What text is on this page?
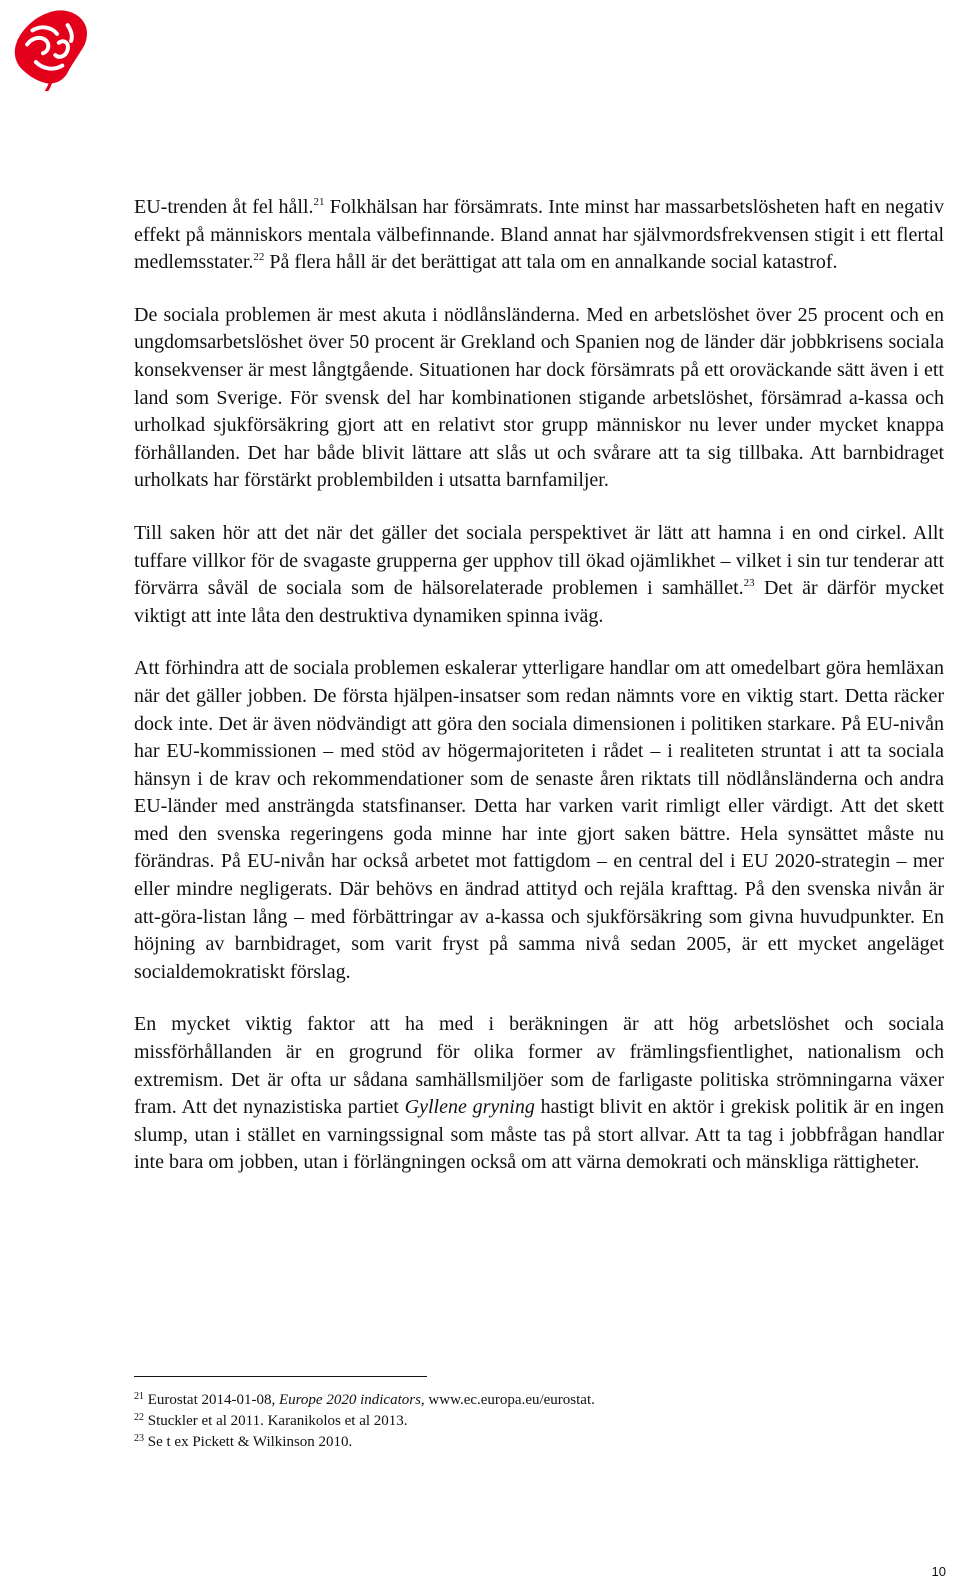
EU-trenden åt fel håll.$^{21}$ Folkhälsan har försämrats. Inte minst har massarbetslösheten haft en negativ effekt på människors mentala välbefinnande. Bland annat har självmordsfrekvensen stigit i ett flertal medlemsstater.$^{22}$ På flera håll är det berättigat att tala om en annalkande social katastrof.

De sociala problemen är mest akuta i nödlånsländerna. Med en arbetslöshet över 25 procent och en ungdomsarbetslöshet över 50 procent är Grekland och Spanien nog de länder där jobbkrisens sociala konsekvenser är mest långtgående. Situationen har dock försämrats på ett oroväckande sätt även i ett land som Sverige. För svensk del har kombinationen stigande arbetslöshet, försämrad a-kassa och urholkad sjukförsäkring gjort att en relativt stor grupp människor nu lever under mycket knappa förhållanden. Det har både blivit lättare att slås ut och svårare att ta sig tillbaka. Att barnbidraget urholkats har förstärkt problembilden i utsatta barnfamiljer.

Till saken hör att det när det gäller det sociala perspektivet är lätt att hamna i en ond cirkel. Allt tuffare villkor för de svagaste grupperna ger upphov till ökad ojämlikhet – vilket i sin tur tenderar att förvärra såväl de sociala som de hälsorelaterade problemen i samhället.$^{23}$ Det är därför mycket viktigt att inte låta den destruktiva dynamiken spinna iväg.

Att förhindra att de sociala problemen eskalerar ytterligare handlar om att omedelbart göra hemläxan när det gäller jobben. De första hjälpen-insatser som redan nämnts vore en viktig start. Detta räcker dock inte. Det är även nödvändigt att göra den sociala dimensionen i politiken starkare. På EU-nivån har EU-kommissionen – med stöd av högermajoriteten i rådet – i realiteten struntat i att ta sociala hänsyn i de krav och rekommendationer som de senaste åren riktats till nödlånsländerna och andra EU-länder med ansträngda statsfinanser. Detta har varken varit rimligt eller värdigt. Att det skett med den svenska regeringens goda minne har inte gjort saken bättre. Hela synsättet måste nu förändras. På EU-nivån har också arbetet mot fattigdom – en central del i EU 2020-strategin – mer eller mindre negligerats. Där behövs en ändrad attityd och rejäla krafttag. På den svenska nivån är att-göra-listan lång – med förbättringar av a-kassa och sjukförsäkring som givna huvudpunkter. En höjning av barnbidraget, som varit fryst på samma nivå sedan 2005, är ett mycket angeläget socialdemokratiskt förslag.

En mycket viktig faktor att ha med i beräkningen är att hög arbetslöshet och sociala missförhållanden är en grogrund för olika former av främlingsfientlighet, nationalism och extremism. Det är ofta ur sådana samhällsmiljöer som de farligaste politiska strömningarna växer fram. Att det nynazistiska partiet Gyllene gryning hastigt blivit en aktör i grekisk politik är en ingen slump, utan i stället en varningssignal som måste tas på stort allvar. Att ta tag i jobbfrågan handlar inte bara om jobben, utan i förlängningen också om att värna demokrati och mänskliga rättigheter.

$^{21}$ Eurostat 2014-01-08, Europe 2020 indicators, www.ec.europa.eu/eurostat.
$^{22}$ Stuckler et al 2011. Karanikolos et al 2013.
$^{23}$ Se t ex Pickett & Wilkinson 2010.
10
